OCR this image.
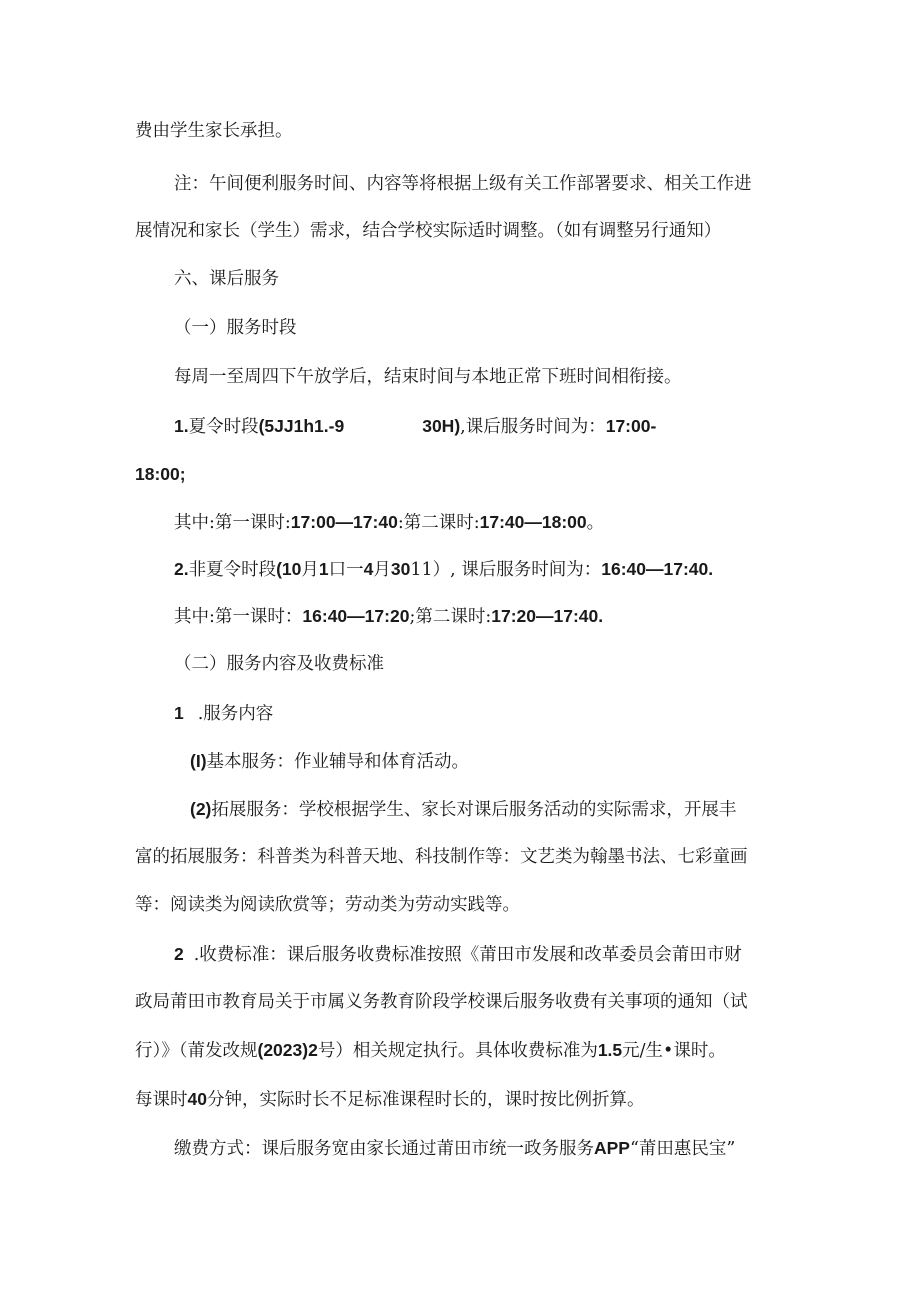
费由学生家长承担。
注：午间便利服务时间、内容等将根据上级有关工作部署要求、相关工作进
展情况和家长（学生）需求，结合学校实际适时调整。（如有调整另行通知）
六、课后服务
（一）服务时段
每周一至周四下午放学后，结束时间与本地正常下班时间相衔接。
1.夏令时段(5JJ1h1.-9	30H),课后服务时间为：17:00-
18:00;
其中:第一课时:17:00—17:40:第二课时:17:40—18:00。
2.非夏令时段(10月1口一4月3011）, 课后服务时间为：16:40—17:40.
其中:第一课时：16:40—17:20;第二课时:17:20—17:40.
（二）服务内容及收费标准
1 .服务内容
(I)基本服务：作业辅导和体育活动。
(2)拓展服务：学校根据学生、家长对课后服务活动的实际需求，开展丰
富的拓展服务：科普类为科普天地、科技制作等：文艺类为翰墨书法、七彩童画
等：阅读类为阅读欣赏等；劳动类为劳动实践等。
2 .收费标准：课后服务收费标准按照《莆田市发展和改革委员会莆田市财
政局莆田市教育局关于市属义务教育阶段学校课后服务收费有关事项的通知（试
行）》（莆发改规(2023)2号）相关规定执行。具体收费标准为1.5元/生•课时。
每课时40分钟，实际时长不足标准课程时长的，课时按比例折算。
缴费方式：课后服务宽由家长通过莆田市统一政务服务APP“莆田惠民宝”
